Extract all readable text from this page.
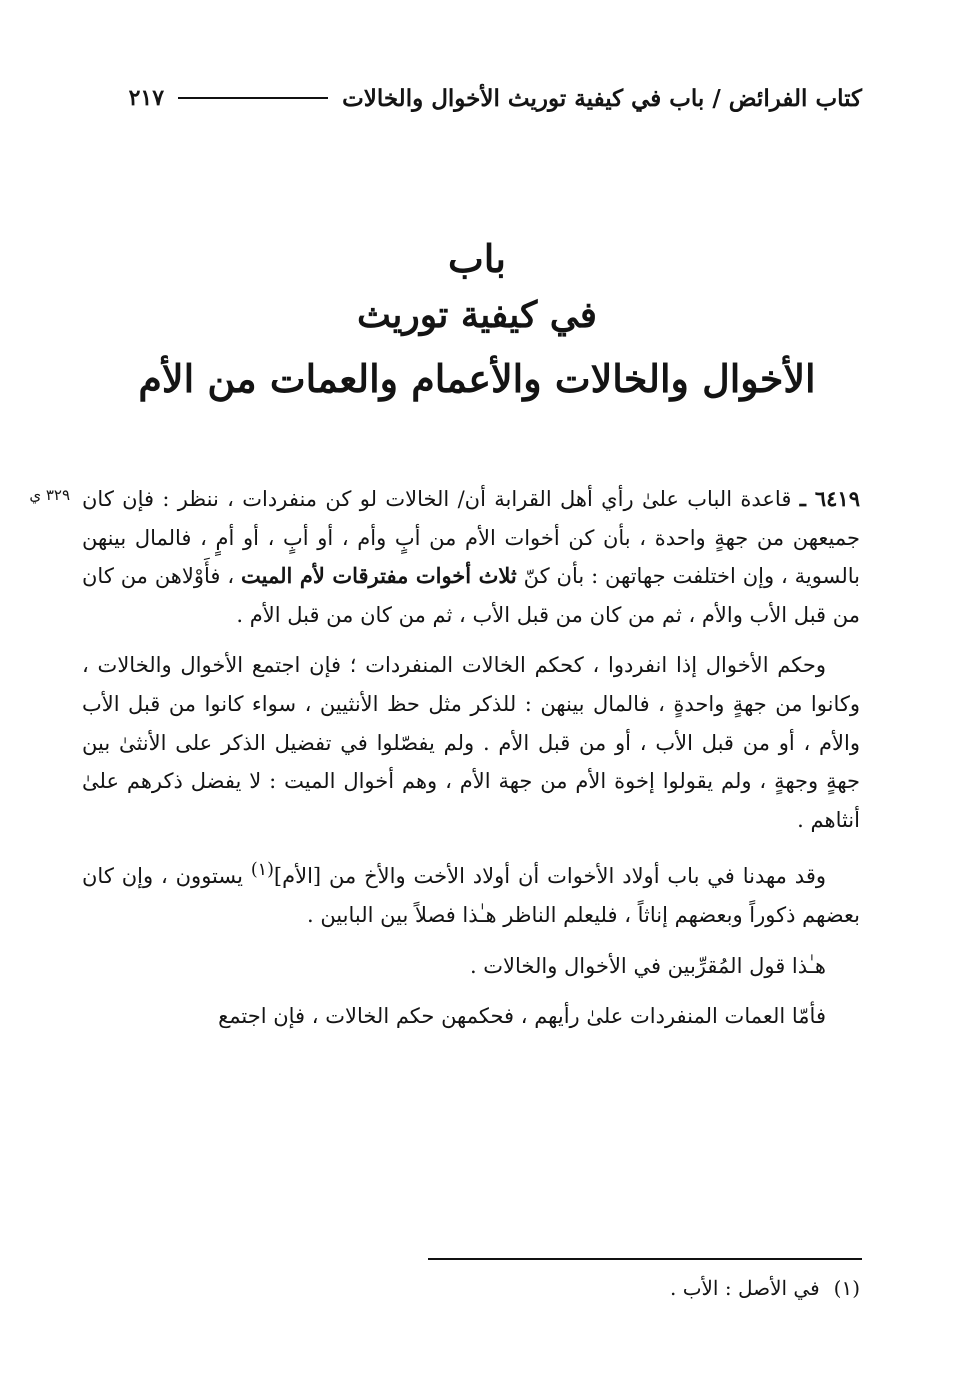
كتاب الفرائض / باب في كيفية توريث الأخوال والخالات
٢١٧
باب
في كيفية توريث
الأخوال والخالات والأعمام والعمات من الأم
٣٢٩ ي	٦٤١٩ ـ قاعدة الباب علىٰ رأي أهل القرابة أن/ الخالات لو كن منفردات ، ننظر : فإن كان جميعهن من جهةٍ واحدة ، بأن كن أخوات الأم من أبٍ وأم ، أو أبٍ ، أو أمٍ ، فالمال بينهن بالسوية ، وإن اختلفت جهاتهن : بأن كنّ ثلاث أخوات مفترقات لأم الميت ، فأَوْلاهن من كان من قبل الأب والأم ، ثم من كان من قبل الأب ، ثم من كان من قبل الأم .

وحكم الأخوال إذا انفردوا ، كحكم الخالات المنفردات ؛ فإن اجتمع الأخوال والخالات ، وكانوا من جهةٍ واحدةٍ ، فالمال بينهن : للذكر مثل حظ الأنثيين ، سواء كانوا من قبل الأب والأم ، أو من قبل الأب ، أو من قبل الأم . ولم يفصّلوا في تفضيل الذكر على الأنثىٰ بين جهةٍ وجهةٍ ، ولم يقولوا إخوة الأم من جهة الأم ، وهم أخوال الميت : لا يفضل ذكرهم علىٰ أنثاهم .

وقد مهدنا في باب أولاد الأخوات أن أولاد الأخت والأخ من [الأم]$^{(١)}$ يستوون ، وإن كان بعضهم ذكوراً وبعضهم إناثاً ، فليعلم الناظر هـٰذا فصلاً بين البابين .

هـٰذا قول المُقرِّبين في الأخوال والخالات .

فأمّا العمات المنفردات علىٰ رأيهم ، فحكمهن حكم الخالات ، فإن اجتمع

(١)في الأصل : الأب .
